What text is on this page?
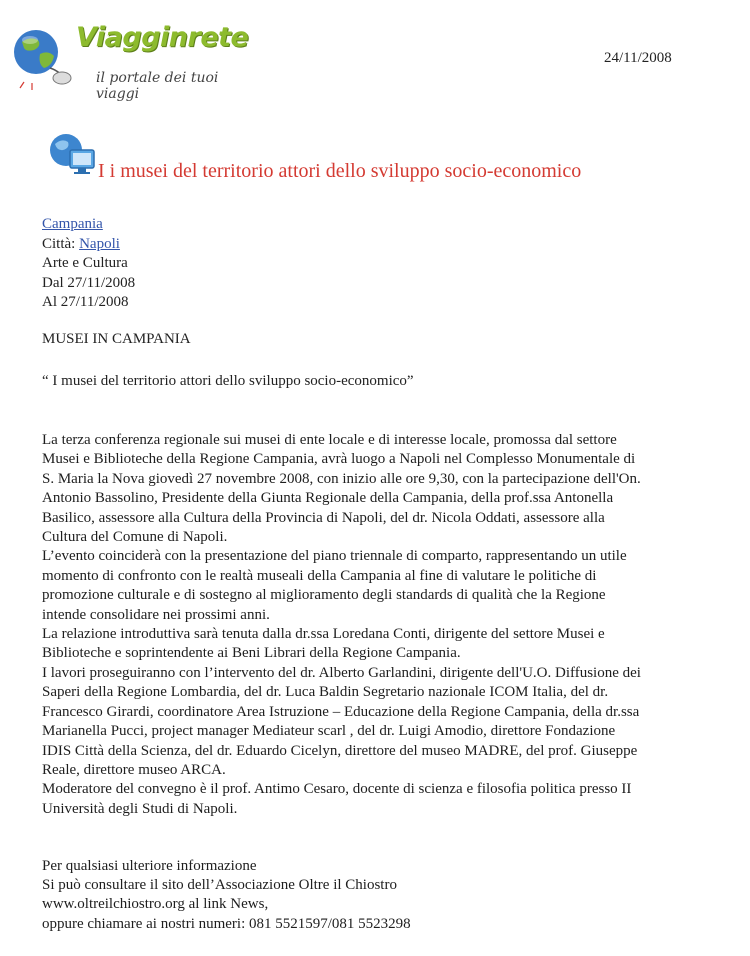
Viagginrete
il portale dei tuoi viaggi
24/11/2008
I i musei del territorio attori dello sviluppo socio-economico
Campania
Città: Napoli
Arte e Cultura
Dal 27/11/2008
Al 27/11/2008
MUSEI IN CAMPANIA
“ I musei del territorio attori dello sviluppo socio-economico”

La terza conferenza regionale sui musei di ente locale e di interesse locale, promossa dal settore

Musei e Biblioteche della Regione Campania, avrà luogo a Napoli nel Complesso Monumentale di

S. Maria la Nova giovedì 27 novembre 2008, con inizio alle ore 9,30, con la partecipazione dell'On.

Antonio Bassolino, Presidente della Giunta Regionale della Campania, della prof.ssa Antonella

Basilico, assessore alla Cultura della Provincia di Napoli, del dr. Nicola Oddati, assessore alla

Cultura del Comune di Napoli.

L’evento coinciderà con la presentazione del piano triennale di comparto, rappresentando un utile

momento di confronto con le realtà museali della Campania al fine di valutare le politiche di

promozione culturale e di sostegno al miglioramento degli standards di qualità che la Regione

intende consolidare nei prossimi anni.

La relazione introduttiva sarà tenuta dalla dr.ssa Loredana Conti, dirigente del settore Musei e

Biblioteche e soprintendente ai Beni Librari della Regione Campania.

I lavori proseguiranno con l’intervento del dr. Alberto Garlandini, dirigente dell'U.O. Diffusione dei

Saperi della Regione Lombardia, del dr. Luca Baldin Segretario nazionale ICOM Italia, del dr.

Francesco Girardi, coordinatore Area Istruzione – Educazione della Regione Campania, della dr.ssa

Marianella Pucci, project manager Mediateur scarl , del dr. Luigi Amodio, direttore Fondazione

IDIS Città della Scienza, del dr. Eduardo Cicelyn, direttore del museo MADRE, del prof. Giuseppe

Reale, direttore museo ARCA.

Moderatore del convegno è il prof. Antimo Cesaro, docente di scienza e filosofia politica presso II

Università degli Studi di Napoli.

Per qualsiasi ulteriore informazione

Si può consultare il sito dell’Associazione Oltre il Chiostro

www.oltreilchiostro.org al link News,

oppure chiamare ai nostri numeri: 081 5521597/081 5523298
